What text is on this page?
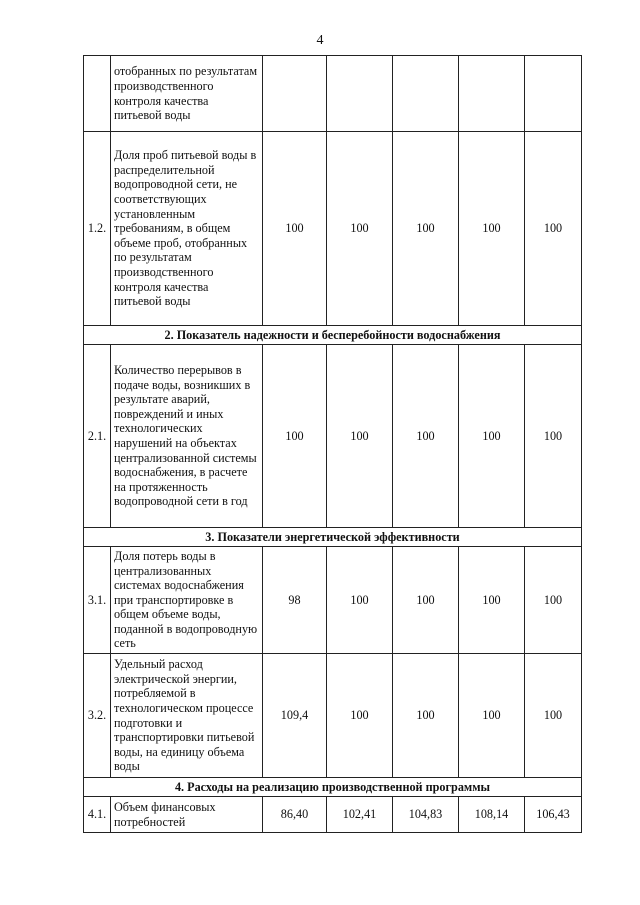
4
	отобранных по результатам производственного контроля качества питьевой воды					
1.2.	Доля проб питьевой воды в распределительной водопроводной сети, не соответствующих установленным требованиям, в общем объеме проб, отобранных по результатам производственного контроля качества питьевой воды	100	100	100	100	100
2. Показатель надежности и бесперебойности водоснабжения						
2.1.	Количество перерывов в подаче воды, возникших в результате аварий, повреждений и иных технологических нарушений на объектах централизованной системы водоснабжения, в расчете на протяженность водопроводной сети в год	100	100	100	100	100
3. Показатели энергетической эффективности						
3.1.	Доля потерь воды в централизованных системах водоснабжения при транспортировке в общем объеме воды, поданной в водопроводную сеть	98	100	100	100	100
3.2.	Удельный расход электрической энергии, потребляемой в технологическом процессе подготовки и транспортировки питьевой воды, на единицу объема воды	109,4	100	100	100	100
4. Расходы на реализацию производственной программы						
4.1.	Объем финансовых потребностей	86,40	102,41	104,83	108,14	106,43
